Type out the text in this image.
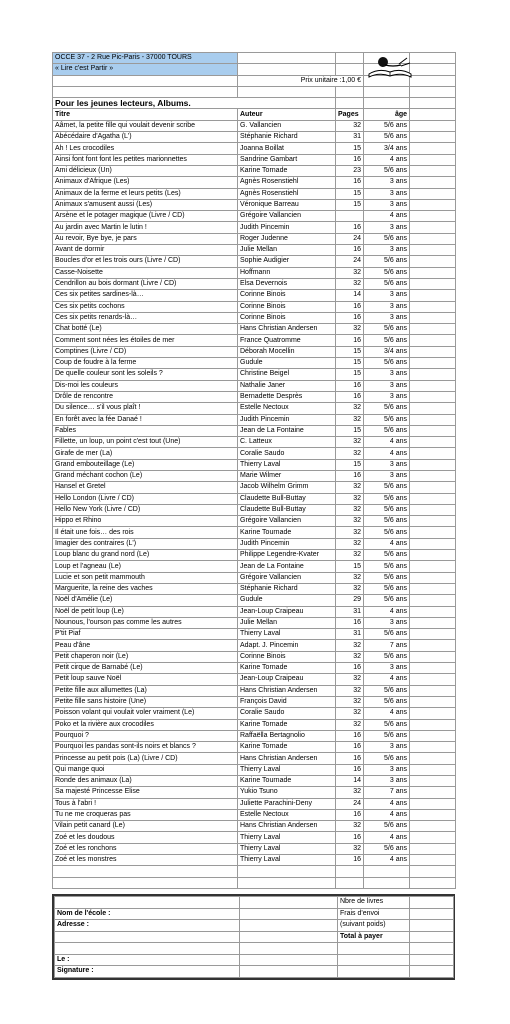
OCCE 37 - 2 Rue Pic-Paris - 37000 TOURS				
« Lire c'est Partir »				
	Prix unitaire :1,00 €			

Pour les jeunes lecteurs, Albums.				
Titre	Auteur	Pages	âge	
Aâmet, la petite fille qui voulait devenir scribe	G. Vallancien	32	5/6 ans	
Abécédaire d'Agatha (L')	Stéphanie Richard	31	5/6 ans	
Ah ! Les crocodiles	Joanna Boillat	15	3/4 ans	
Ainsi font font font les petites marionnettes	Sandrine Gambart	16	4 ans	
Ami délicieux (Un)	Karine Tornade	23	5/6 ans	
Animaux d'Afrique (Les)	Agnès Rosenstiehl	16	3 ans	
Animaux de la ferme et leurs petits (Les)	Agnès Rosenstiehl	15	3 ans	
Animaux s'amusent aussi (Les)	Véronique Barreau	15	3 ans	
Arsène et le potager magique (Livre / CD)	Grégoire Vallancien		4 ans	
Au jardin avec Martin le lutin !	Judith Pincemin	16	3 ans	
Au revoir, Bye bye, je pars	Roger Judenne	24	5/6 ans	
Avant de dormir	Julie Mellan	16	3 ans	
Boucles d'or et les trois ours (Livre / CD)	Sophie Audigier	24	5/6 ans	
Casse-Noisette	Hoffmann	32	5/6 ans	
Cendrillon au bois dormant (Livre / CD)	Elsa Devernois	32	5/6 ans	
Ces six petites sardines-là…	Corinne Binois	14	3 ans	
Ces six petits cochons	Corinne Binois	16	3 ans	
Ces six petits renards-là…	Corinne Binois	16	3 ans	
Chat botté (Le)	Hans Christian Andersen	32	5/6 ans	
Comment sont nées les étoiles de mer	France Quatromme	16	5/6 ans	
Comptines (Livre / CD)	Déborah Mocellin	15	3/4 ans	
Coup de foudre à la ferme	Gudule	15	5/6 ans	
De quelle couleur sont les soleils ?	Christine Beigel	15	3 ans	
Dis-moi les couleurs	Nathalie Janer	16	3 ans	
Drôle de rencontre	Bernadette Desprès	16	3 ans	
Du silence… s'il vous plaît !	Estelle Nectoux	32	5/6 ans	
En forêt avec la fée Danaé !	Judith Pincemin	32	5/6 ans	
Fables	Jean de La Fontaine	15	5/6 ans	
Fillette, un loup, un point c'est tout (Une)	C. Latteux	32	4 ans	
Girafe de mer (La)	Coralie Saudo	32	4 ans	
Grand embouteillage (Le)	Thierry Laval	15	3 ans	
Grand méchant cochon (Le)	Marie Wilmer	16	3 ans	
Hansel et Gretel	Jacob Wilhelm Grimm	32	5/6 ans	
Hello London (Livre / CD)	Claudette Bull-Buttay	32	5/6 ans	
Hello New York (Livre / CD)	Claudette Bull-Buttay	32	5/6 ans	
Hippo et Rhino	Grégoire Vallancien	32	5/6 ans	
Il était une fois… des rois	Karine Tournade	32	5/6 ans	
Imagier des contraires (L')	Judith Pincemin	32	4 ans	
Loup blanc du grand nord (Le)	Philippe Legendre-Kvater	32	5/6 ans	
Loup et l'agneau (Le)	Jean de La Fontaine	15	5/6 ans	
Lucie et son petit mammouth	Grégoire Vallancien	32	5/6 ans	
Marguerite, la reine des vaches	Stéphanie Richard	32	5/6 ans	
Noël d'Amélie (Le)	Gudule	29	5/6 ans	
Noël de petit loup (Le)	Jean-Loup Craipeau	31	4 ans	
Nounous, l'ourson pas comme les autres	Julie Mellan	16	3 ans	
P'tit Piaf	Thierry Laval	31	5/6 ans	
Peau d'âne	Adapt. J. Pincemin	32	7 ans	
Petit chaperon noir (Le)	Corinne Binois	32	5/6 ans	
Petit cirque de Barnabé (Le)	Karine Tornade	16	3 ans	
Petit loup sauve Noël	Jean-Loup Craipeau	32	4 ans	
Petite fille aux allumettes (La)	Hans Christian Andersen	32	5/6 ans	
Petite fille sans histoire (Une)	François David	32	5/6 ans	
Poisson volant qui voulait voler vraiment (Le)	Coralie Saudo	32	4 ans	
Poko et la rivière aux crocodiles	Karine Tornade	32	5/6 ans	
Pourquoi ?	Raffaëlla Bertagnolio	16	5/6 ans	
Pourquoi les pandas sont-ils noirs et blancs ?	Karine Tornade	16	3 ans	
Princesse au petit pois (La) (Livre / CD)	Hans Christian Andersen	16	5/6 ans	
Qui mange quoi	Thierry Laval	16	3 ans	
Ronde des animaux (La)	Karine Tournade	14	3 ans	
Sa majesté Princesse Elise	Yukio Tsuno	32	7 ans	
Tous à l'abri !	Juliette Parachini-Deny	24	4 ans	
Tu ne me croqueras pas	Estelle Nectoux	16	4 ans	
Vilain petit canard (Le)	Hans Christian Andersen	32	5/6 ans	
Zoé et les doudous	Thierry Laval	16	4 ans	
Zoé et les ronchons	Thierry Laval	32	5/6 ans	
Zoé et les monstres	Thierry Laval	16	4 ans	

		Nbre de livres	
Nom de l'école :		Frais d'envoi	
Adresse :		(suivant poids)	
		Total à payer	

Le :			
Signature :			
